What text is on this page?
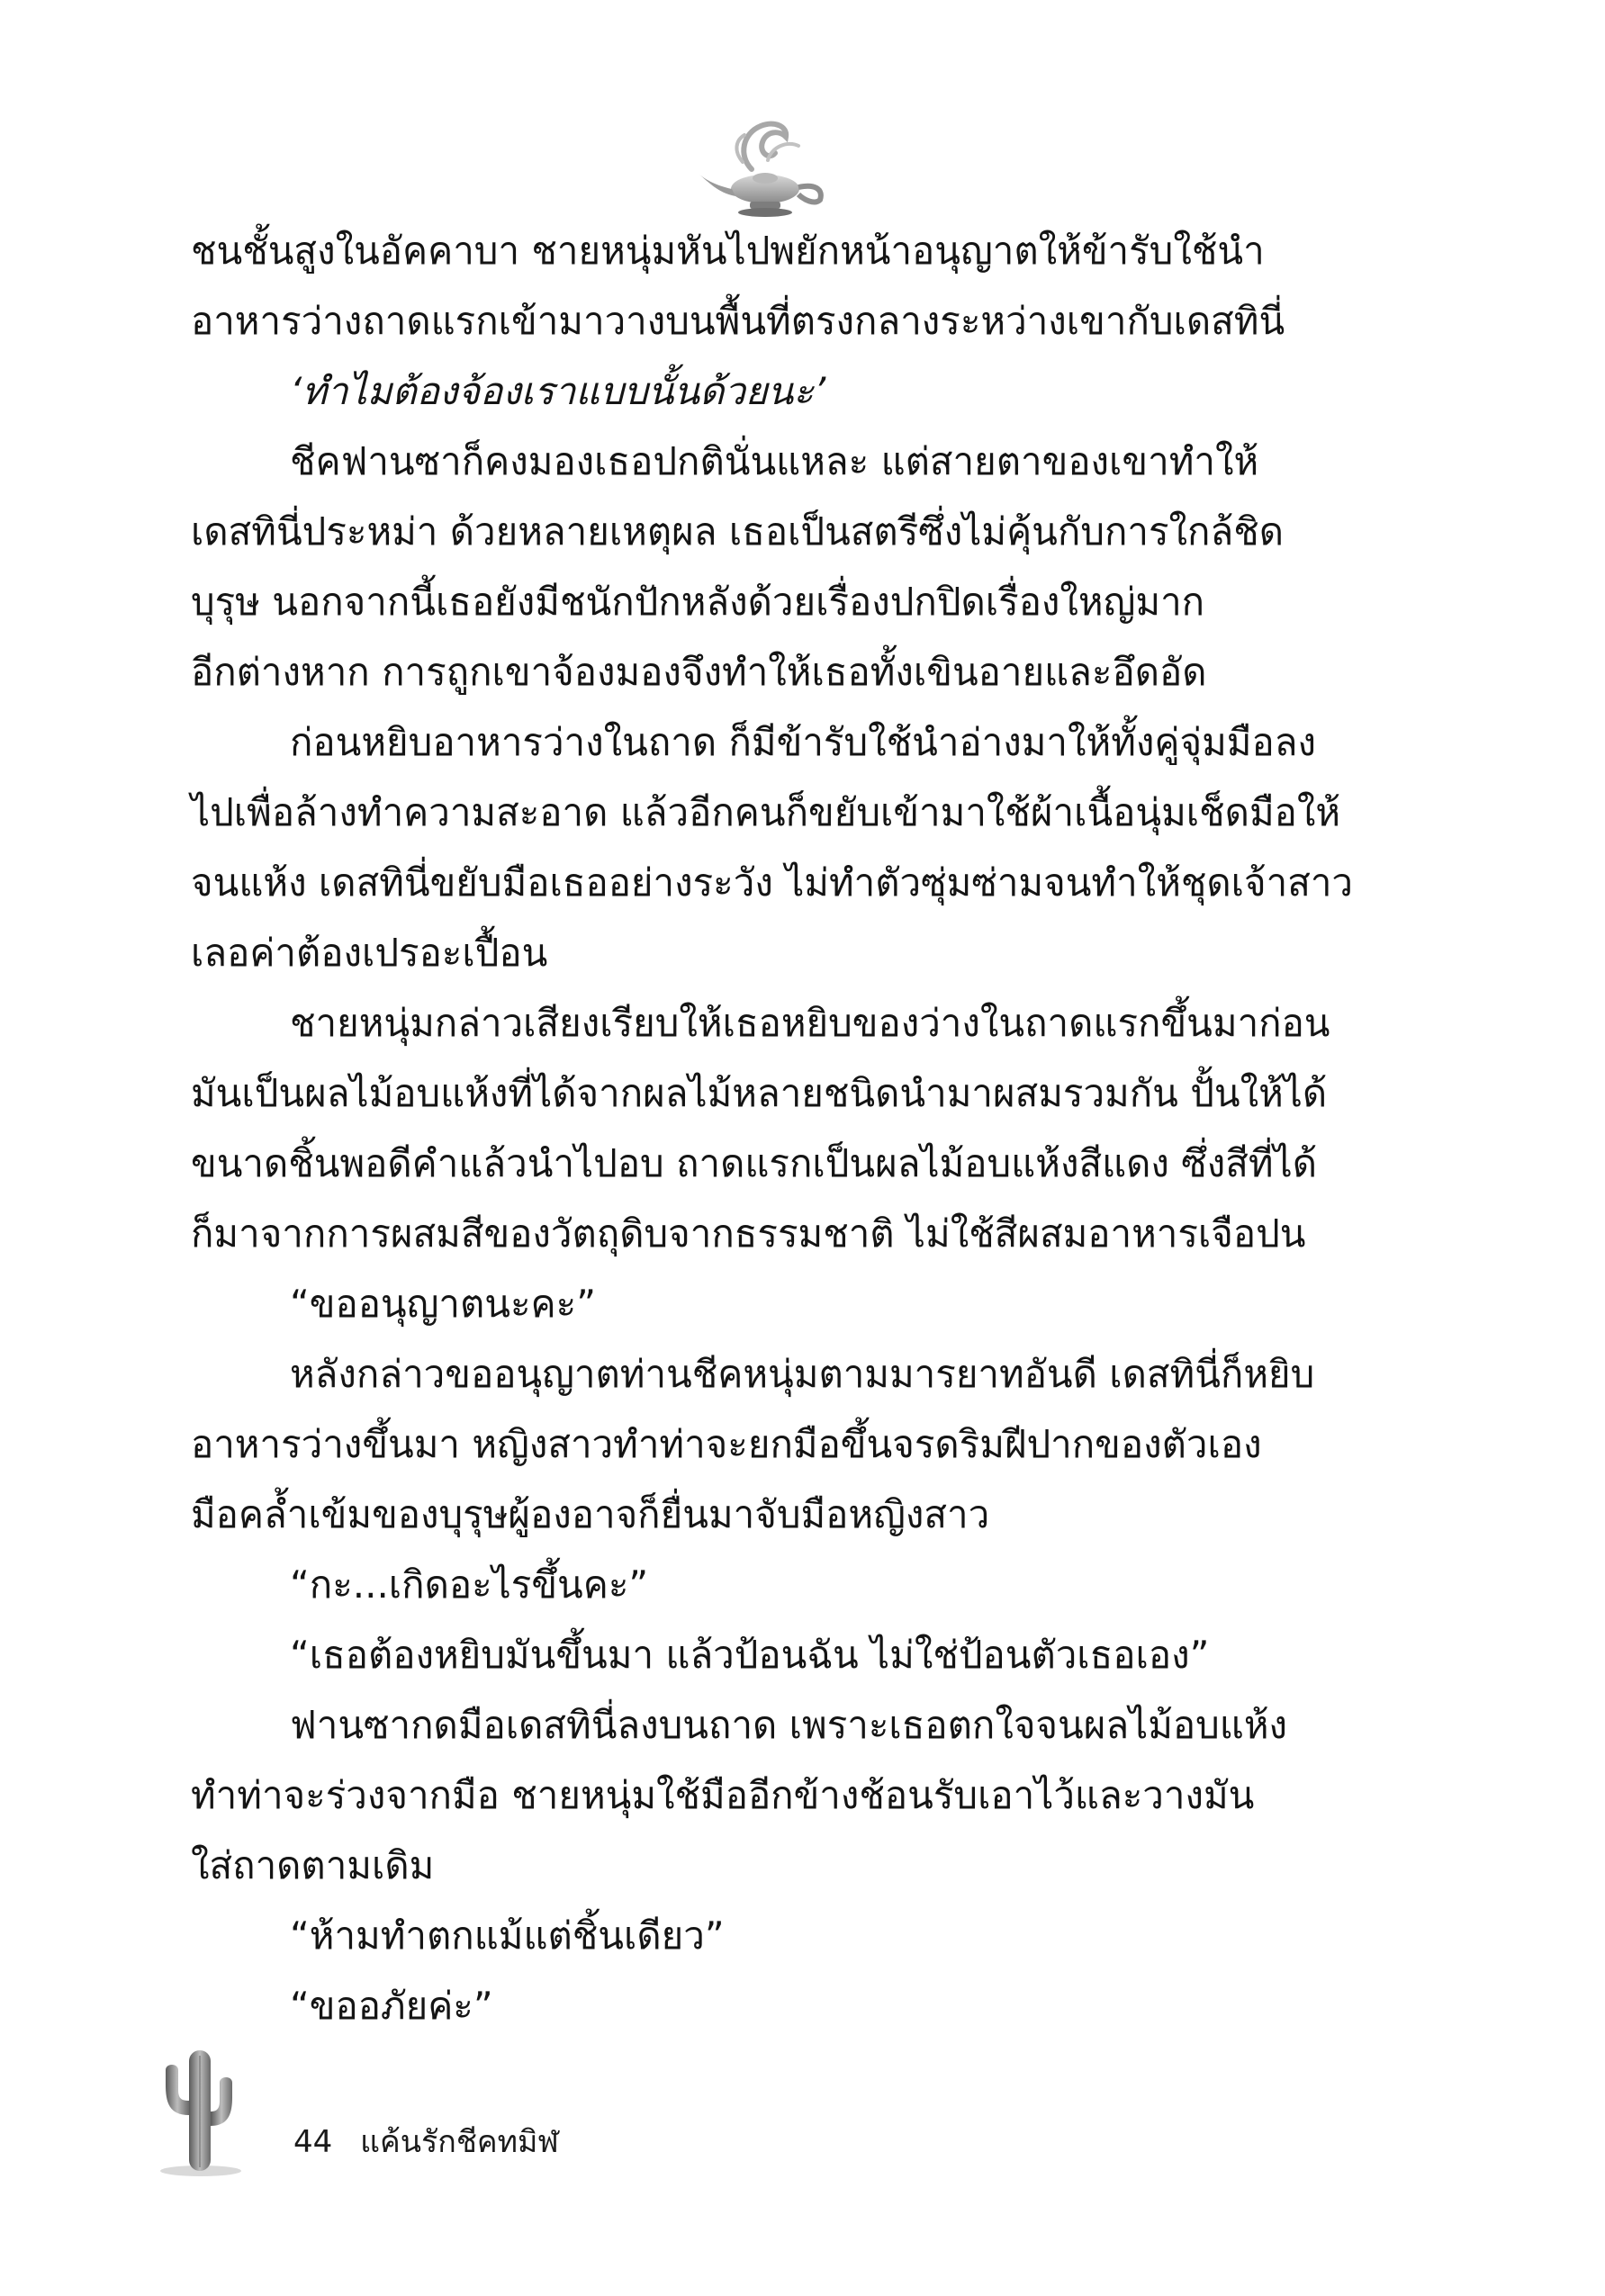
ชนชั้นสูงในอัคคาบา ชายหนุ่มหันไปพยักหน้าอนุญาตให้ข้ารับใช้นำ
อาหารว่างถาดแรกเข้ามาวางบนพื้นที่ตรงกลางระหว่างเขากับเดสทินี่
‘ทำไมต้องจ้องเราแบบนั้นด้วยนะ’
ชีคฟานซาก็คงมองเธอปกตินั่นแหละ แต่สายตาของเขาทำให้
เดสทินี่ประหม่า ด้วยหลายเหตุผล เธอเป็นสตรีซึ่งไม่คุ้นกับการใกล้ชิด
บุรุษ นอกจากนี้เธอยังมีชนักปักหลังด้วยเรื่องปกปิดเรื่องใหญ่มาก
อีกต่างหาก การถูกเขาจ้องมองจึงทำให้เธอทั้งเขินอายและอึดอัด
ก่อนหยิบอาหารว่างในถาด ก็มีข้ารับใช้นำอ่างมาให้ทั้งคู่จุ่มมือลง
ไปเพื่อล้างทำความสะอาด แล้วอีกคนก็ขยับเข้ามาใช้ผ้าเนื้อนุ่มเช็ดมือให้
จนแห้ง เดสทินี่ขยับมือเธออย่างระวัง ไม่ทำตัวซุ่มซ่ามจนทำให้ชุดเจ้าสาว
เลอค่าต้องเปรอะเปื้อน
ชายหนุ่มกล่าวเสียงเรียบให้เธอหยิบของว่างในถาดแรกขึ้นมาก่อน
มันเป็นผลไม้อบแห้งที่ได้จากผลไม้หลายชนิดนำมาผสมรวมกัน ปั้นให้ได้
ขนาดชิ้นพอดีคำแล้วนำไปอบ ถาดแรกเป็นผลไม้อบแห้งสีแดง ซึ่งสีที่ได้
ก็มาจากการผสมสีของวัตถุดิบจากธรรมชาติ ไม่ใช้สีผสมอาหารเจือปน
“ขออนุญาตนะคะ”
หลังกล่าวขออนุญาตท่านชีคหนุ่มตามมารยาทอันดี เดสทินี่ก็หยิบ
อาหารว่างขึ้นมา หญิงสาวทำท่าจะยกมือขึ้นจรดริมฝีปากของตัวเอง
มือคล้ำเข้มของบุรุษผู้องอาจก็ยื่นมาจับมือหญิงสาว
“กะ...เกิดอะไรขึ้นคะ”
“เธอต้องหยิบมันขึ้นมา แล้วป้อนฉัน ไม่ใช่ป้อนตัวเธอเอง”
ฟานซากดมือเดสทินี่ลงบนถาด เพราะเธอตกใจจนผลไม้อบแห้ง
ทำท่าจะร่วงจากมือ ชายหนุ่มใช้มืออีกข้างช้อนรับเอาไว้และวางมัน
ใส่ถาดตามเดิม
“ห้ามทำตกแม้แต่ชิ้นเดียว”
“ขออภัยค่ะ”
44 แค้นรักชีคทมิฬ
